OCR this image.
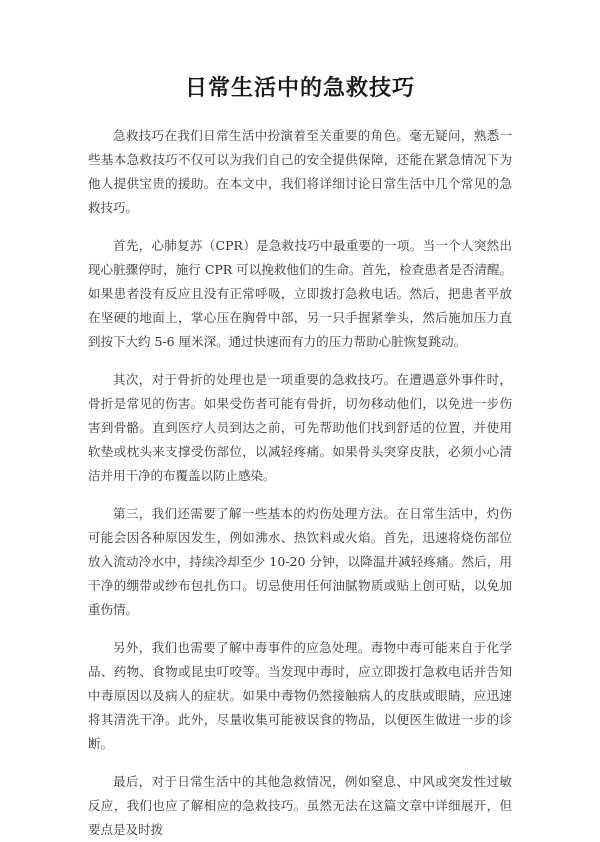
日常生活中的急救技巧

急救技巧在我们日常生活中扮演着至关重要的角色。毫无疑问，熟悉一些基本急救技巧不仅可以为我们自己的安全提供保障，还能在紧急情况下为他人提供宝贵的援助。在本文中，我们将详细讨论日常生活中几个常见的急救技巧。

首先，心肺复苏（CPR）是急救技巧中最重要的一项。当一个人突然出现心脏骤停时，施行 CPR 可以挽救他们的生命。首先，检查患者是否清醒。如果患者没有反应且没有正常呼吸，立即拨打急救电话。然后，把患者平放在坚硬的地面上，掌心压在胸骨中部，另一只手握紧拳头，然后施加压力直到按下大约 5-6 厘米深。通过快速而有力的压力帮助心脏恢复跳动。

其次，对于骨折的处理也是一项重要的急救技巧。在遭遇意外事件时，骨折是常见的伤害。如果受伤者可能有骨折，切勿移动他们，以免进一步伤害到骨骼。直到医疗人员到达之前，可先帮助他们找到舒适的位置，并使用软垫或枕头来支撑受伤部位，以减轻疼痛。如果骨头突穿皮肤，必须小心清洁并用干净的布覆盖以防止感染。

第三，我们还需要了解一些基本的灼伤处理方法。在日常生活中，灼伤可能会因各种原因发生，例如沸水、热饮料或火焰。首先，迅速将烧伤部位放入流动冷水中，持续冷却至少 10-20 分钟，以降温并减轻疼痛。然后，用干净的绷带或纱布包扎伤口。切忌使用任何油腻物质或贴上创可贴，以免加重伤情。

另外，我们也需要了解中毒事件的应急处理。毒物中毒可能来自于化学品、药物、食物或昆虫叮咬等。当发现中毒时，应立即拨打急救电话并告知中毒原因以及病人的症状。如果中毒物仍然接触病人的皮肤或眼睛，应迅速将其清洗干净。此外，尽量收集可能被误食的物品，以便医生做进一步的诊断。

最后，对于日常生活中的其他急救情况，例如窒息、中风或突发性过敏反应，我们也应了解相应的急救技巧。虽然无法在这篇文章中详细展开，但要点是及时拨
